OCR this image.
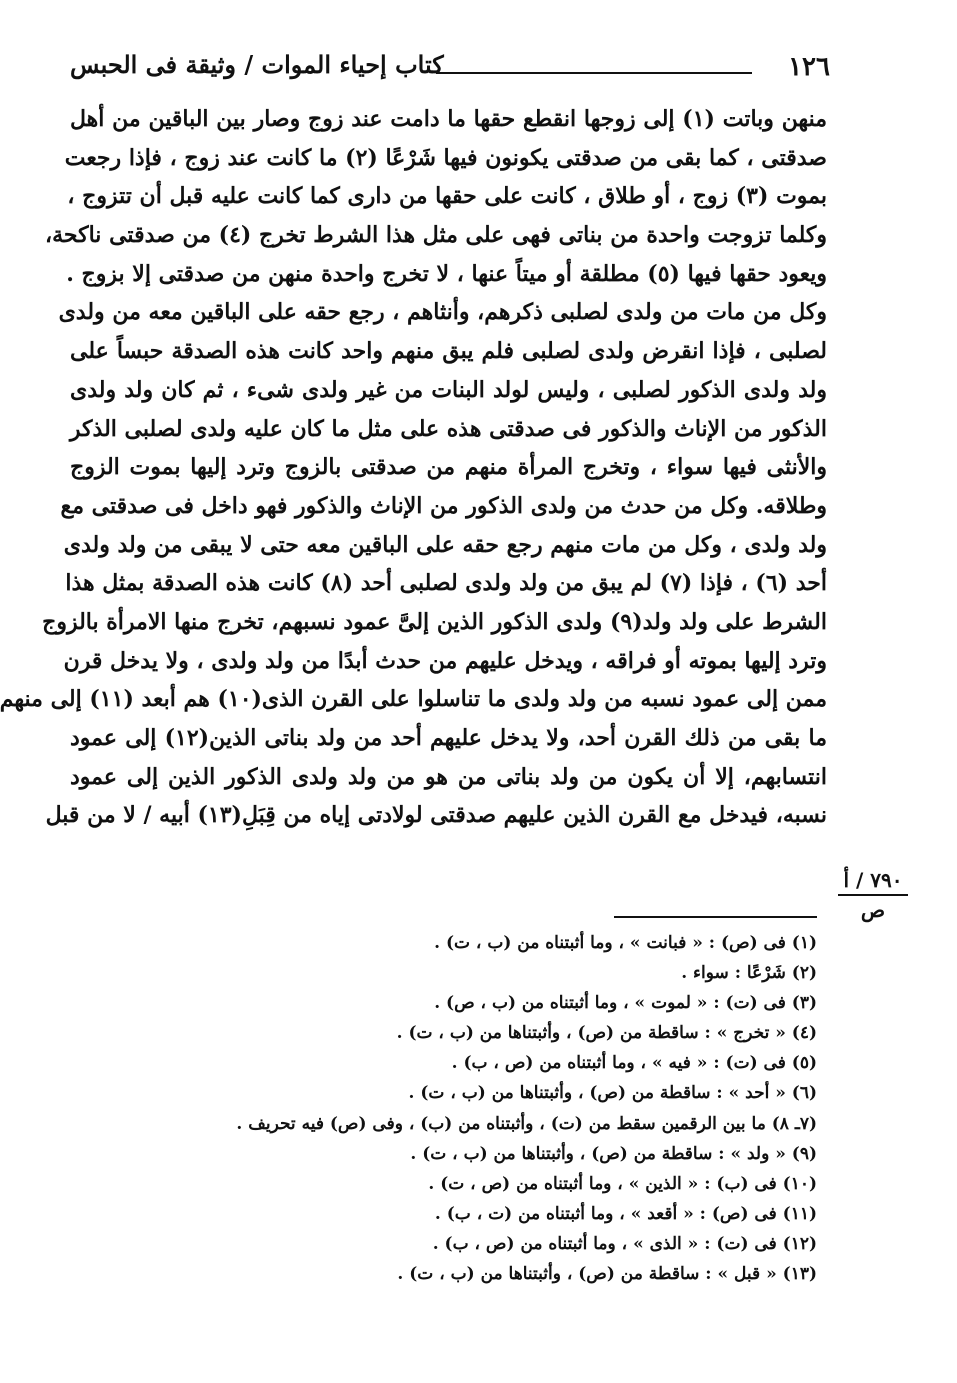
١٢٦
كتاب إحياء الموات / وثيقة فى الحبس
منهن وباتت (١) إلى زوجها انقطع حقها ما دامت عند زوج وصار بين الباقين من أهل
صدقتى ، كما بقى من صدقتى يكونون فيها شَرْعًا (٢) ما كانت عند زوج ، فإذا رجعت
بموت (٣) زوج ، أو طلاق ، كانت على حقها من دارى كما كانت عليه قبل أن تتزوج ،
وكلما تزوجت واحدة من بناتى فهى على مثل هذا الشرط تخرج (٤) من صدقتى ناكحة،
ويعود حقها فيها (٥) مطلقة أو ميتاً عنها ، لا تخرج واحدة منهن من صدقتى إلا بزوج .
وكل من مات من ولدى لصلبى ذكرهم، وأنثاهم ، رجع حقه على الباقين معه من ولدى
لصلبى ، فإذا انقرض ولدى لصلبى فلم يبق منهم واحد كانت هذه الصدقة حبساً على
ولد ولدى الذكور لصلبى ، وليس لولد البنات من غير ولدى شىء ، ثم كان ولد ولدى
الذكور من الإناث والذكور فى صدقتى هذه على مثل ما كان عليه ولدى لصلبى الذكر
والأنثى فيها سواء ، وتخرج المرأة منهم من صدقتى بالزوج وترد إليها بموت الزوج
وطلاقه. وكل من حدث من ولدى الذكور من الإناث والذكور فهو داخل فى صدقتى مع
ولد ولدى ، وكل من مات منهم رجع حقه على الباقين معه حتى لا يبقى من ولد ولدى
أحد (٦) ، فإذا (٧) لم يبق من ولد ولدى لصلبى أحد (٨) كانت هذه الصدقة بمثل هذا
الشرط على ولد ولد(٩) ولدى الذكور الذين إلىَّ عمود نسبهم، تخرج منها الامرأة بالزوج
وترد إليها بموته أو فراقه ، ويدخل عليهم من حدث أبدًا من ولد ولدى ، ولا يدخل قرن
ممن إلى عمود نسبه من ولد ولدى ما تناسلوا على القرن الذى(١٠) هم أبعد (١١) إلى منهم
ما بقى من ذلك القرن أحد، ولا يدخل عليهم أحد من ولد بناتى الذين(١٢) إلى عمود
انتسابهم، إلا أن يكون من ولد بناتى من هو من ولد ولدى الذكور الذين إلى عمود
نسبه، فيدخل مع القرن الذين عليهم صدقتى لولادتى إياه من قِبَلِ(١٣) أبيه / لا من قبل
٧٩٠ / أ
ص
(١) فى (ص) : « فبانت » ، وما أثبتناه من (ب ، ت) .
(٢) شَرْعًا : سواء .
(٣) فى (ت) : « لموت » ، وما أثبتناه من (ب ، ص) .
(٤) « تخرج » : ساقطة من (ص) ، وأثبتناها من (ب ، ت) .
(٥) فى (ت) : « فيه » ، وما أثبتناه من (ص ، ب) .
(٦) « أحد » : ساقطة من (ص) ، وأثبتناها من (ب ، ت) .
(٧ـ ٨) ما بين الرقمين سقط من (ت) ، وأثبتناه من (ب) ، وفى (ص) فيه تحريف .
(٩) « ولد » : ساقطة من (ص) ، وأثبتناها من (ب ، ت) .
(١٠) فى (ب) : « الذين » ، وما أثبتناه من (ص ، ت) .
(١١) فى (ص) : « أقعد » ، وما أثبتناه من (ت ، ب) .
(١٢) فى (ت) : « الذى » ، وما أثبتناه من (ص ، ب) .
(١٣) « قبل » : ساقطة من (ص) ، وأثبتناها من (ب ، ت) .
